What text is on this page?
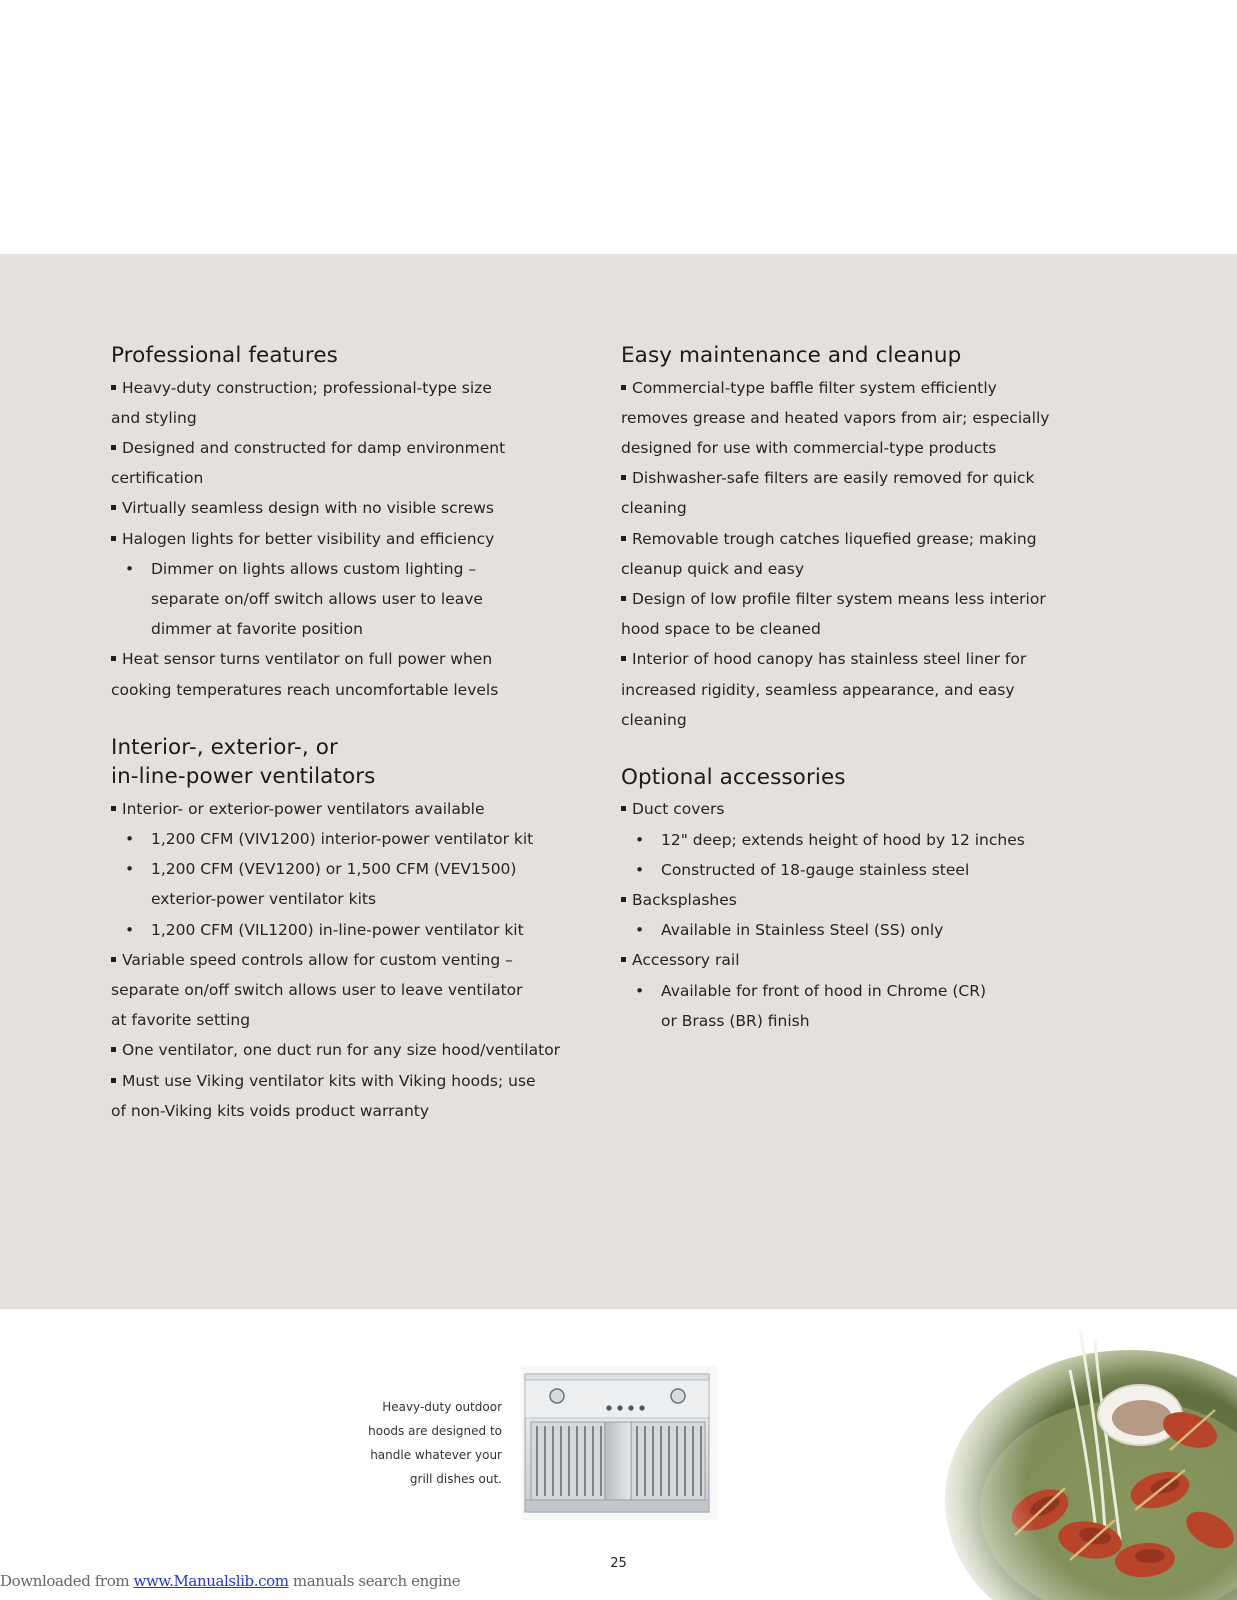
Professional features
Heavy-duty construction; professional-type size
and styling
Designed and constructed for damp environment
certification
Virtually seamless design with no visible screws
Halogen lights for better visibility and efficiency
• Dimmer on lights allows custom lighting –
separate on/off switch allows user to leave
dimmer at favorite position
Heat sensor turns ventilator on full power when
cooking temperatures reach uncomfortable levels
Interior-, exterior-, or
in-line-power ventilators
Interior- or exterior-power ventilators available
• 1,200 CFM (VIV1200) interior-power ventilator kit
• 1,200 CFM (VEV1200) or 1,500 CFM (VEV1500)
exterior-power ventilator kits
• 1,200 CFM (VIL1200) in-line-power ventilator kit
Variable speed controls allow for custom venting –
separate on/off switch allows user to leave ventilator
at favorite setting
One ventilator, one duct run for any size hood/ventilator
Must use Viking ventilator kits with Viking hoods; use
of non-Viking kits voids product warranty
Easy maintenance and cleanup
Commercial-type baffle filter system efficiently
removes grease and heated vapors from air; especially
designed for use with commercial-type products
Dishwasher-safe filters are easily removed for quick
cleaning
Removable trough catches liquefied grease; making
cleanup quick and easy
Design of low profile filter system means less interior
hood space to be cleaned
Interior of hood canopy has stainless steel liner for
increased rigidity, seamless appearance, and easy
cleaning
Optional accessories
Duct covers
• 12" deep; extends height of hood by 12 inches
• Constructed of 18-gauge stainless steel
Backsplashes
• Available in Stainless Steel (SS) only
Accessory rail
• Available for front of hood in Chrome (CR)
or Brass (BR) finish
Heavy-duty outdoor
hoods are designed to
handle whatever your
grill dishes out.
25
Downloaded from www.Manualslib.com manuals search engine
